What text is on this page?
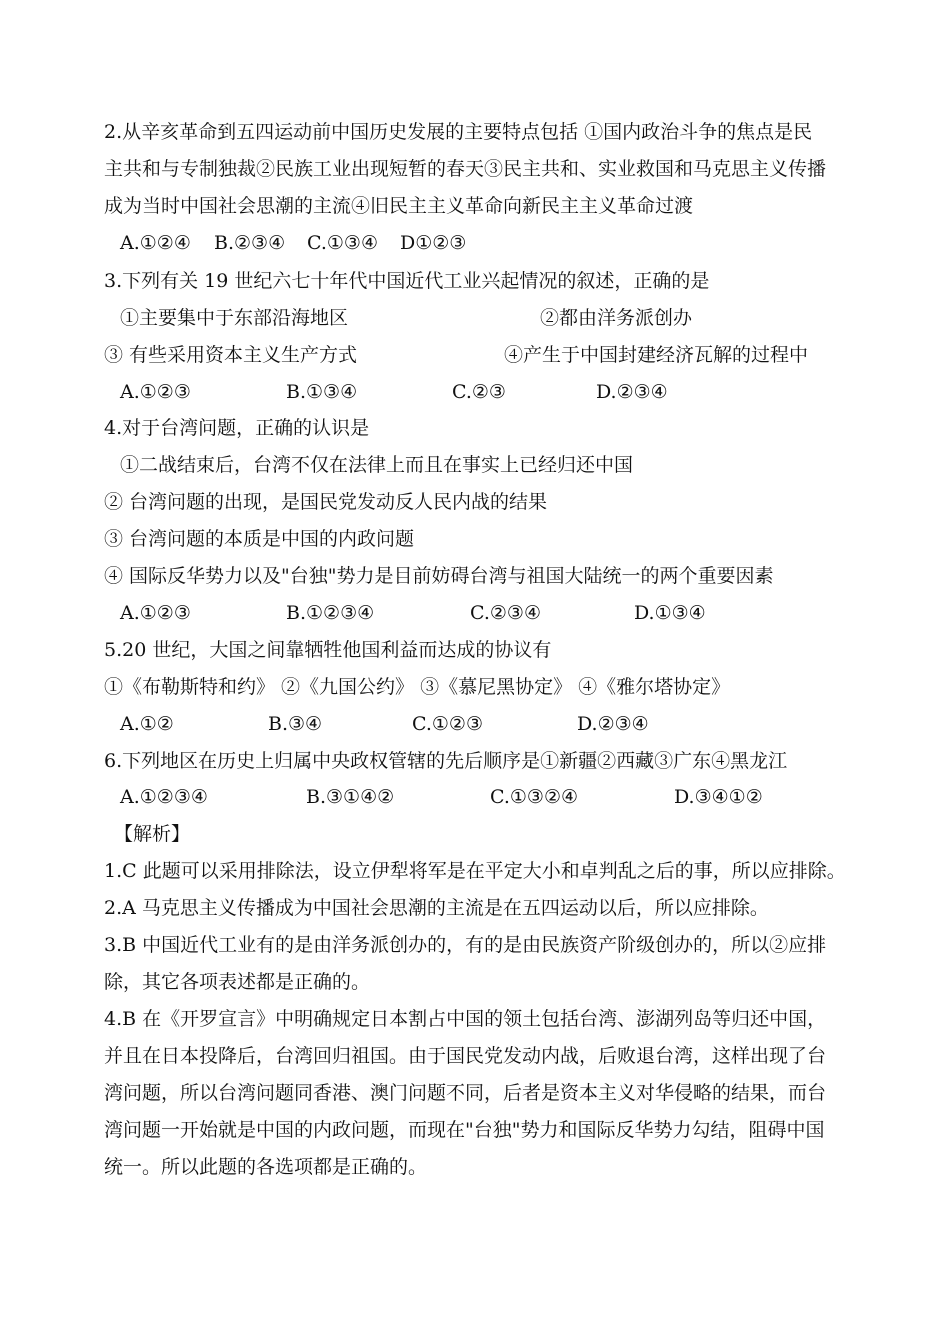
2.从辛亥革命到五四运动前中国历史发展的主要特点包括 ①国内政治斗争的焦点是民
主共和与专制独裁②民族工业出现短暂的春天③民主共和、实业救国和马克思主义传播
成为当时中国社会思潮的主流④旧民主主义革命向新民主主义革命过渡
A.①②④ B.②③④ C.①③④ D①②③
3.下列有关 19 世纪六七十年代中国近代工业兴起情况的叙述，正确的是
①主要集中于东部沿海地区	②都由洋务派创办
③ 有些采用资本主义生产方式	④产生于中国封建经济瓦解的过程中
A.①②③	B.①③④	C.②③	D.②③④
4.对于台湾问题，正确的认识是
①二战结束后，台湾不仅在法律上而且在事实上已经归还中国
② 台湾问题的出现，是国民党发动反人民内战的结果
③ 台湾问题的本质是中国的内政问题
④ 国际反华势力以及"台独"势力是目前妨碍台湾与祖国大陆统一的两个重要因素
A.①②③	B.①②③④	C.②③④	D.①③④
5.20 世纪，大国之间靠牺牲他国利益而达成的协议有
①《布勒斯特和约》 ②《九国公约》 ③《慕尼黑协定》 ④《雅尔塔协定》
A.①②	B.③④	C.①②③	D.②③④
6.下列地区在历史上归属中央政权管辖的先后顺序是①新疆②西藏③广东④黑龙江
A.①②③④	B.③①④②	C.①③②④	D.③④①②
【解析】
1.C 此题可以采用排除法，设立伊犁将军是在平定大小和卓判乱之后的事，所以应排除。
2.A 马克思主义传播成为中国社会思潮的主流是在五四运动以后，所以应排除。
3.B 中国近代工业有的是由洋务派创办的，有的是由民族资产阶级创办的，所以②应排
除，其它各项表述都是正确的。
4.B 在《开罗宣言》中明确规定日本割占中国的领土包括台湾、澎湖列岛等归还中国，
并且在日本投降后，台湾回归祖国。由于国民党发动内战，后败退台湾，这样出现了台
湾问题，所以台湾问题同香港、澳门问题不同，后者是资本主义对华侵略的结果，而台
湾问题一开始就是中国的内政问题，而现在"台独"势力和国际反华势力勾结，阻碍中国
统一。所以此题的各选项都是正确的。
